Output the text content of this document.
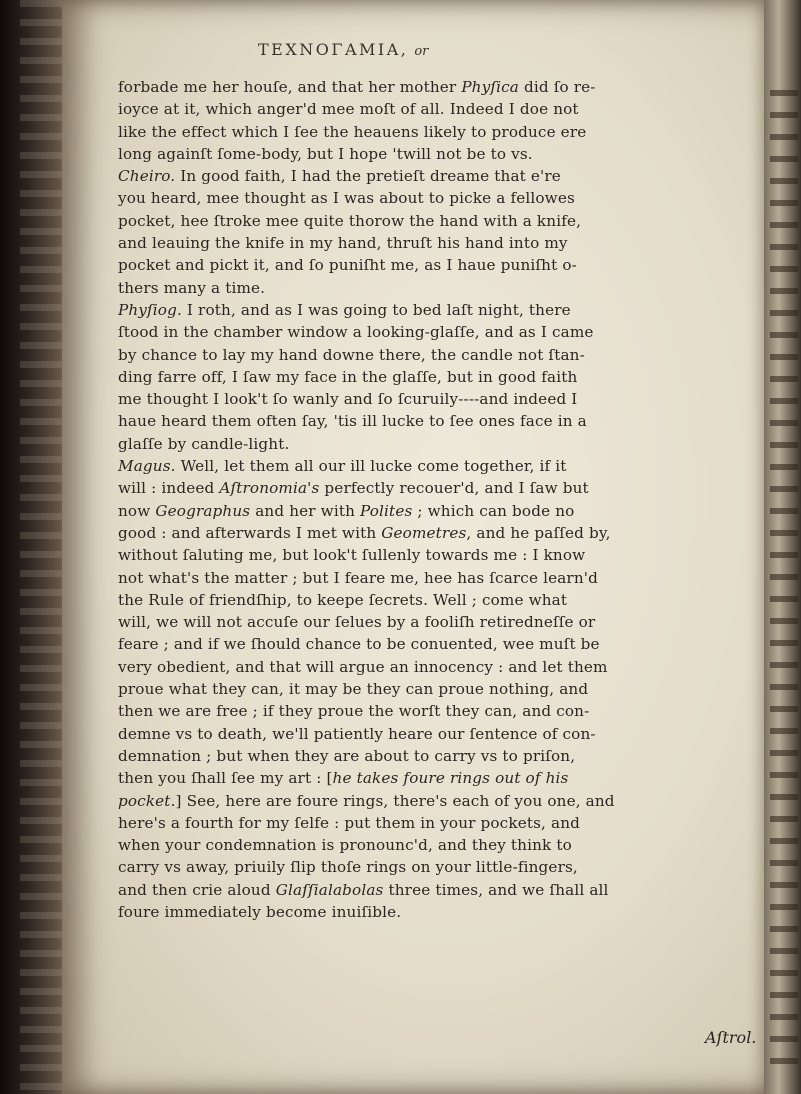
TEXNOΓAMIA, or
forbade me her houſe, and that her mother Phyſica did ſo re-
ioyce at it, which anger'd mee moſt of all. Indeed I doe not
like the effect which I ſee the heauens likely to produce ere
long againſt ſome-body, but I hope 'twill not be to vs.
Cheiro. In good faith, I had the pretieſt dreame that e're
you heard, mee thought as I was about to picke a fellowes
pocket, hee ſtroke mee quite thorow the hand with a knife,
and leauing the knife in my hand, thruſt his hand into my
pocket and pickt it, and ſo puniſht me, as I haue puniſht o-
thers many a time.
Phyſiog. I roth, and as I was going to bed laſt night, there
ſtood in the chamber window a looking-glaſſe, and as I came
by chance to lay my hand downe there, the candle not ſtan-
ding farre off, I ſaw my face in the glaſſe, but in good faith
me thought I look't ſo wanly and ſo ſcuruily----and indeed I
haue heard them often ſay, 'tis ill lucke to ſee ones face in a
glaſſe by candle-light.
Magus. Well, let them all our ill lucke come together, if it
will : indeed Aſtronomia's perfectly recouer'd, and I ſaw but
now Geographus and her with Polites ; which can bode no
good : and afterwards I met with Geometres, and he paſſed by,
without ſaluting me, but look't ſullenly towards me : I know
not what's the matter ; but I feare me, hee has ſcarce learn'd
the Rule of friendſhip, to keepe ſecrets. Well ; come what
will, we will not accuſe our ſelues by a fooliſh retiredneſſe or
feare ; and if we ſhould chance to be conuented, wee muſt be
very obedient, and that will argue an innocency : and let them
proue what they can, it may be they can proue nothing, and
then we are free ; if they proue the worſt they can, and con-
demne vs to death, we'll patiently heare our ſentence of con-
demnation ; but when they are about to carry vs to priſon,
then you ſhall ſee my art : [he takes foure rings out of his
pocket.] See, here are foure rings, there's each of you one, and
here's a fourth for my ſelfe : put them in your pockets, and
when your condemnation is pronounc'd, and they think to
carry vs away, priuily ſlip thoſe rings on your little-fingers,
and then crie aloud Glaſſialabolas three times, and we ſhall all
foure immediately become inuiſible.
Aſtrol.
